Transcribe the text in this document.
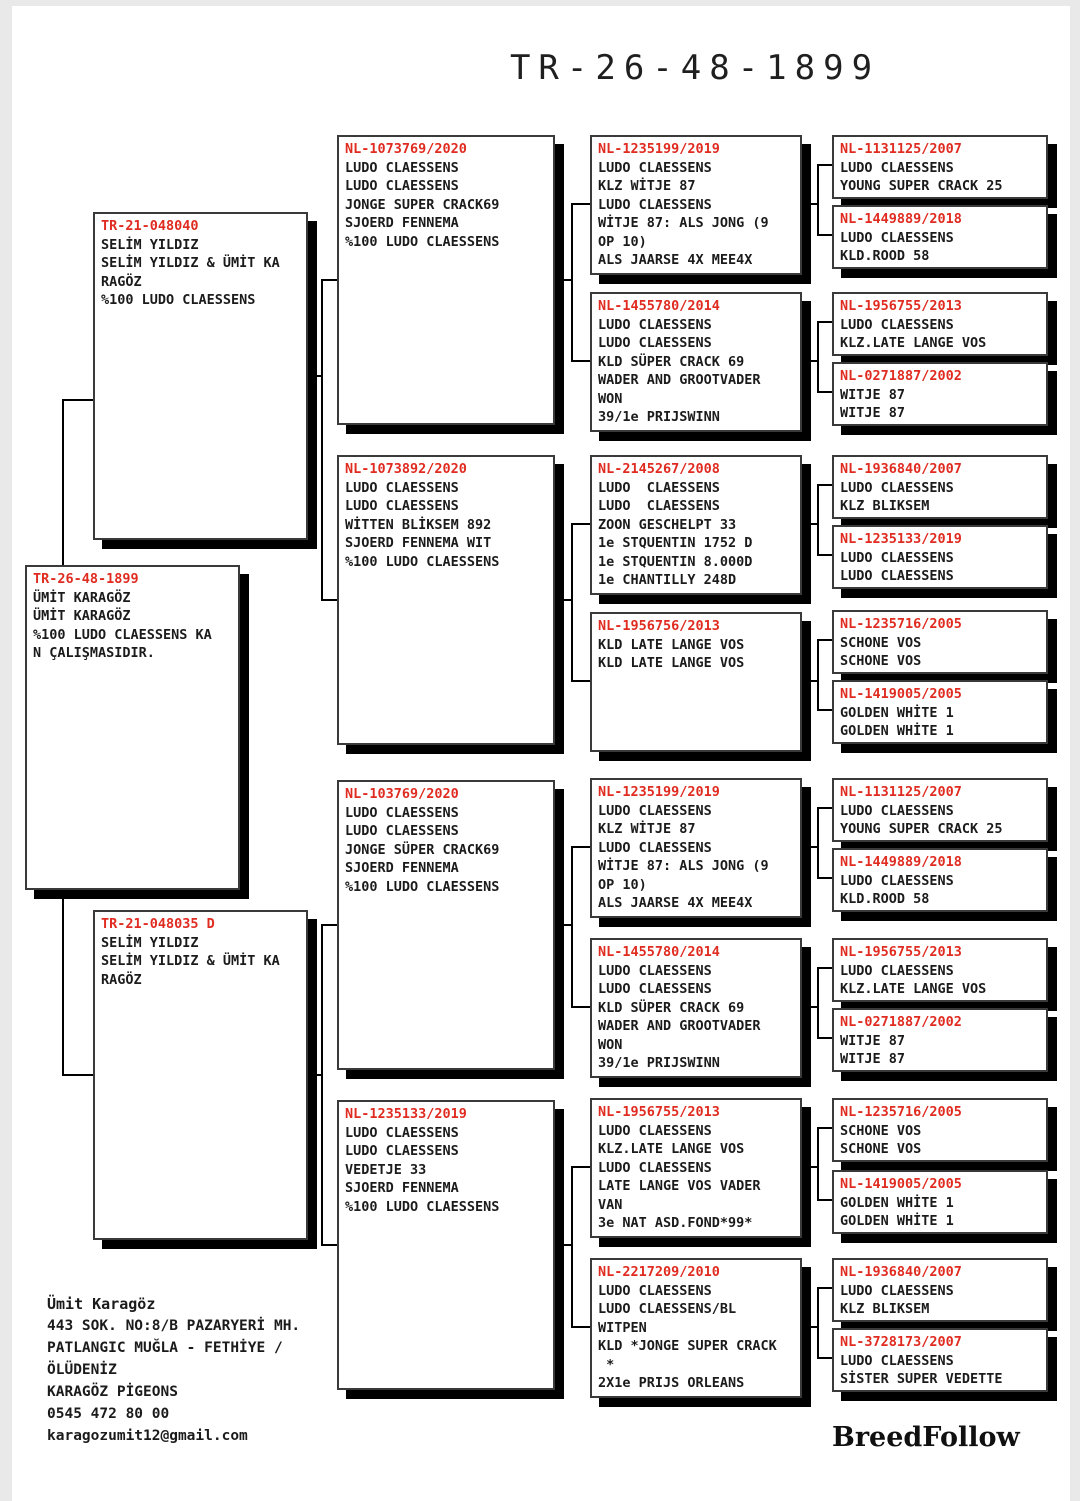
TR-26-48-1899
TR-26-48-1899
ÜMİT KARAGÖZ
ÜMİT KARAGÖZ
%100 LUDO CLAESSENS KA
N ÇALIŞMASIDIR.
TR-21-048040
SELİM YILDIZ
SELİM YILDIZ & ÜMİT KA
RAGÖZ
%100 LUDO CLAESSENS
TR-21-048035 D
SELİM YILDIZ
SELİM YILDIZ & ÜMİT KA
RAGÖZ
NL-1073769/2020
LUDO CLAESSENS
LUDO CLAESSENS
JONGE SUPER CRACK69
SJOERD FENNEMA
%100 LUDO CLAESSENS
NL-1073892/2020
LUDO CLAESSENS
LUDO CLAESSENS
WİTTEN BLİKSEM 892
SJOERD FENNEMA WIT
%100 LUDO CLAESSENS
NL-103769/2020
LUDO CLAESSENS
LUDO CLAESSENS
JONGE SÜPER CRACK69
SJOERD FENNEMA
%100 LUDO CLAESSENS
NL-1235133/2019
LUDO CLAESSENS
LUDO CLAESSENS
VEDETJE 33
SJOERD FENNEMA
%100 LUDO CLAESSENS
NL-1235199/2019
LUDO CLAESSENS
KLZ WİTJE 87
LUDO CLAESSENS
WİTJE 87: ALS JONG (9
OP 10)
ALS JAARSE 4X MEE4X
NL-1455780/2014
LUDO CLAESSENS
LUDO CLAESSENS
KLD SÜPER CRACK 69
WADER AND GROOTVADER
WON
39/1e PRIJSWINN
NL-2145267/2008
LUDO  CLAESSENS
LUDO  CLAESSENS
ZOON GESCHELPT 33
1e STQUENTIN 1752 D
1e STQUENTIN 8.000D
1e CHANTILLY 248D
NL-1956756/2013
KLD LATE LANGE VOS
KLD LATE LANGE VOS
NL-1235199/2019
LUDO CLAESSENS
KLZ WİTJE 87
LUDO CLAESSENS
WİTJE 87: ALS JONG (9
OP 10)
ALS JAARSE 4X MEE4X
NL-1455780/2014
LUDO CLAESSENS
LUDO CLAESSENS
KLD SÜPER CRACK 69
WADER AND GROOTVADER
WON
39/1e PRIJSWINN
NL-1956755/2013
LUDO CLAESSENS
KLZ.LATE LANGE VOS
LUDO CLAESSENS
LATE LANGE VOS VADER
VAN
3e NAT ASD.FOND*99*
NL-2217209/2010
LUDO CLAESSENS
LUDO CLAESSENS/BL
WITPEN
KLD *JONGE SUPER CRACK
*
2X1e PRIJS ORLEANS
NL-1131125/2007
LUDO CLAESSENS
YOUNG SUPER CRACK 25
NL-1449889/2018
LUDO CLAESSENS
KLD.ROOD 58
NL-1956755/2013
LUDO CLAESSENS
KLZ.LATE LANGE VOS
NL-0271887/2002
WITJE 87
WITJE 87
NL-1936840/2007
LUDO CLAESSENS
KLZ BLIKSEM
NL-1235133/2019
LUDO CLAESSENS
LUDO CLAESSENS
NL-1235716/2005
SCHONE VOS
SCHONE VOS
NL-1419005/2005
GOLDEN WHİTE 1
GOLDEN WHİTE 1
NL-1131125/2007
LUDO CLAESSENS
YOUNG SUPER CRACK 25
NL-1449889/2018
LUDO CLAESSENS
KLD.ROOD 58
NL-1956755/2013
LUDO CLAESSENS
KLZ.LATE LANGE VOS
NL-0271887/2002
WITJE 87
WITJE 87
NL-1235716/2005
SCHONE VOS
SCHONE VOS
NL-1419005/2005
GOLDEN WHİTE 1
GOLDEN WHİTE 1
NL-1936840/2007
LUDO CLAESSENS
KLZ BLIKSEM
NL-3728173/2007
LUDO CLAESSENS
SİSTER SUPER VEDETTE
Ümit Karagöz
443 SOK. NO:8/B PAZARYERİ MH.
PATLANGIC MUĞLA - FETHİYE /
ÖLÜDENİZ
KARAGÖZ PİGEONS
0545 472 80 00
karagozumit12@gmail.com	BreedFollow
